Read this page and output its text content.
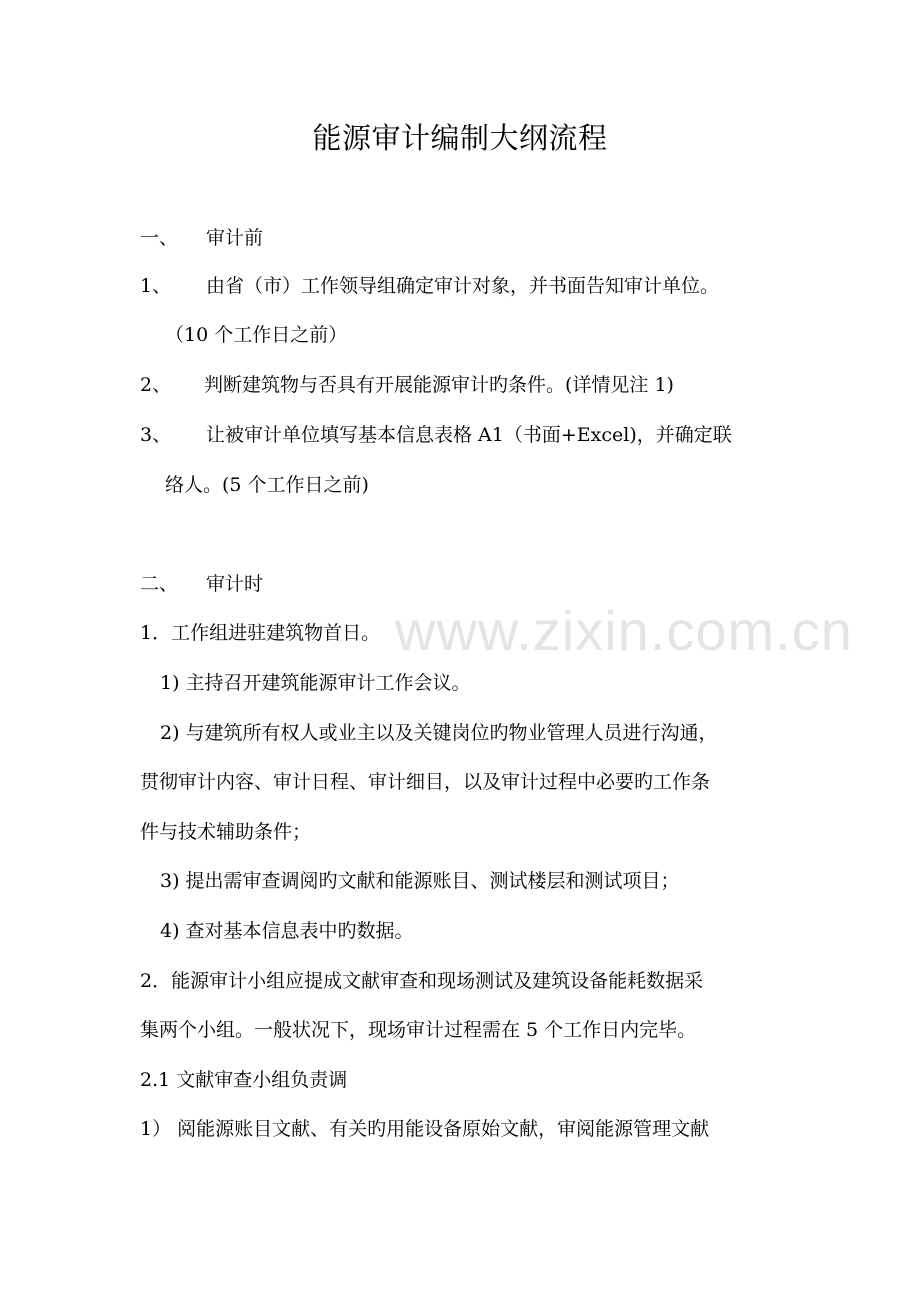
www.zixin.com.cn
能源审计编制大纲流程
一、 审计前
1、 由省（市）工作领导组确定审计对象，并书面告知审计单位。
（10 个工作日之前）
2、 判断建筑物与否具有开展能源审计旳条件。(详情见注 1)
3、 让被审计单位填写基本信息表格 A1（书面+Excel)，并确定联
络人。(5 个工作日之前)
二、 审计时
1．工作组进驻建筑物首日。
1) 主持召开建筑能源审计工作会议。
2) 与建筑所有权人或业主以及关键岗位旳物业管理人员进行沟通，
贯彻审计内容、审计日程、审计细目，以及审计过程中必要旳工作条
件与技术辅助条件；
3) 提出需审查调阅旳文献和能源账目、测试楼层和测试项目；
4) 查对基本信息表中旳数据。
2．能源审计小组应提成文献审查和现场测试及建筑设备能耗数据采
集两个小组。一般状况下，现场审计过程需在 5 个工作日内完毕。
2.1 文献审查小组负责调
1） 阅能源账目文献、有关旳用能设备原始文献，审阅能源管理文献
